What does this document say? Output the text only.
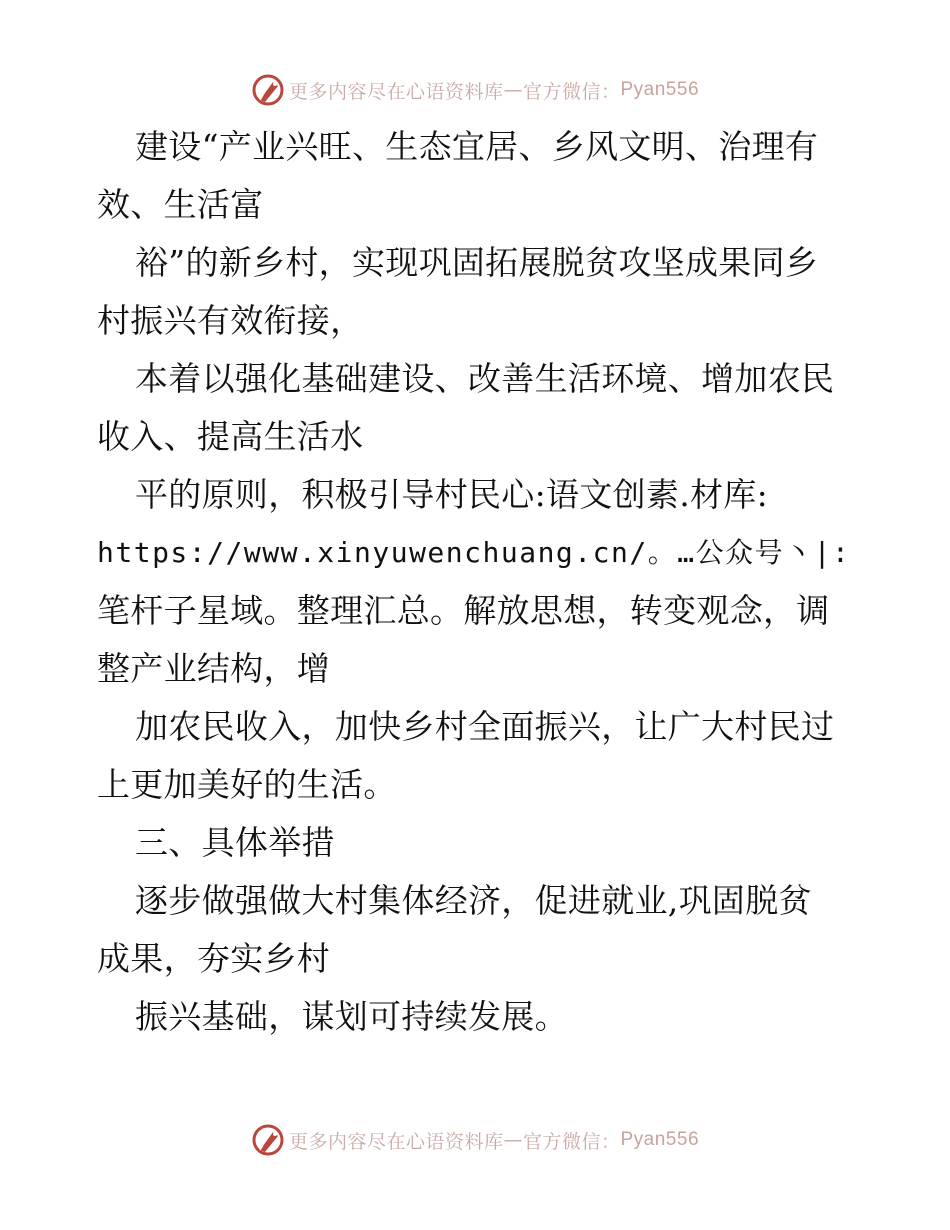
更多内容尽在心语资料库 — 官方微信： Pyan556

建设“产业兴旺、生态宜居、乡风文明、治理有
效、生活富

裕”的新乡村，实现巩固拓展脱贫攻坚成果同乡
村振兴有效衔接，

本着以强化基础建设、改善生活环境、增加农民
收入、提高生活水

平的原则，积极引导村民心:语文创素.材库:
https://www.xinyuwenchuang.cn/。…公众号丶|:
笔杆子星域。整理汇总。解放思想，转变观念，调
整产业结构，增

加农民收入，加快乡村全面振兴，让广大村民过
上更加美好的生活。

三、具体举措

逐步做强做大村集体经济，促进就业,巩固脱贫
成果，夯实乡村

振兴基础，谋划可持续发展。

更多内容尽在心语资料库 — 官方微信： Pyan556
